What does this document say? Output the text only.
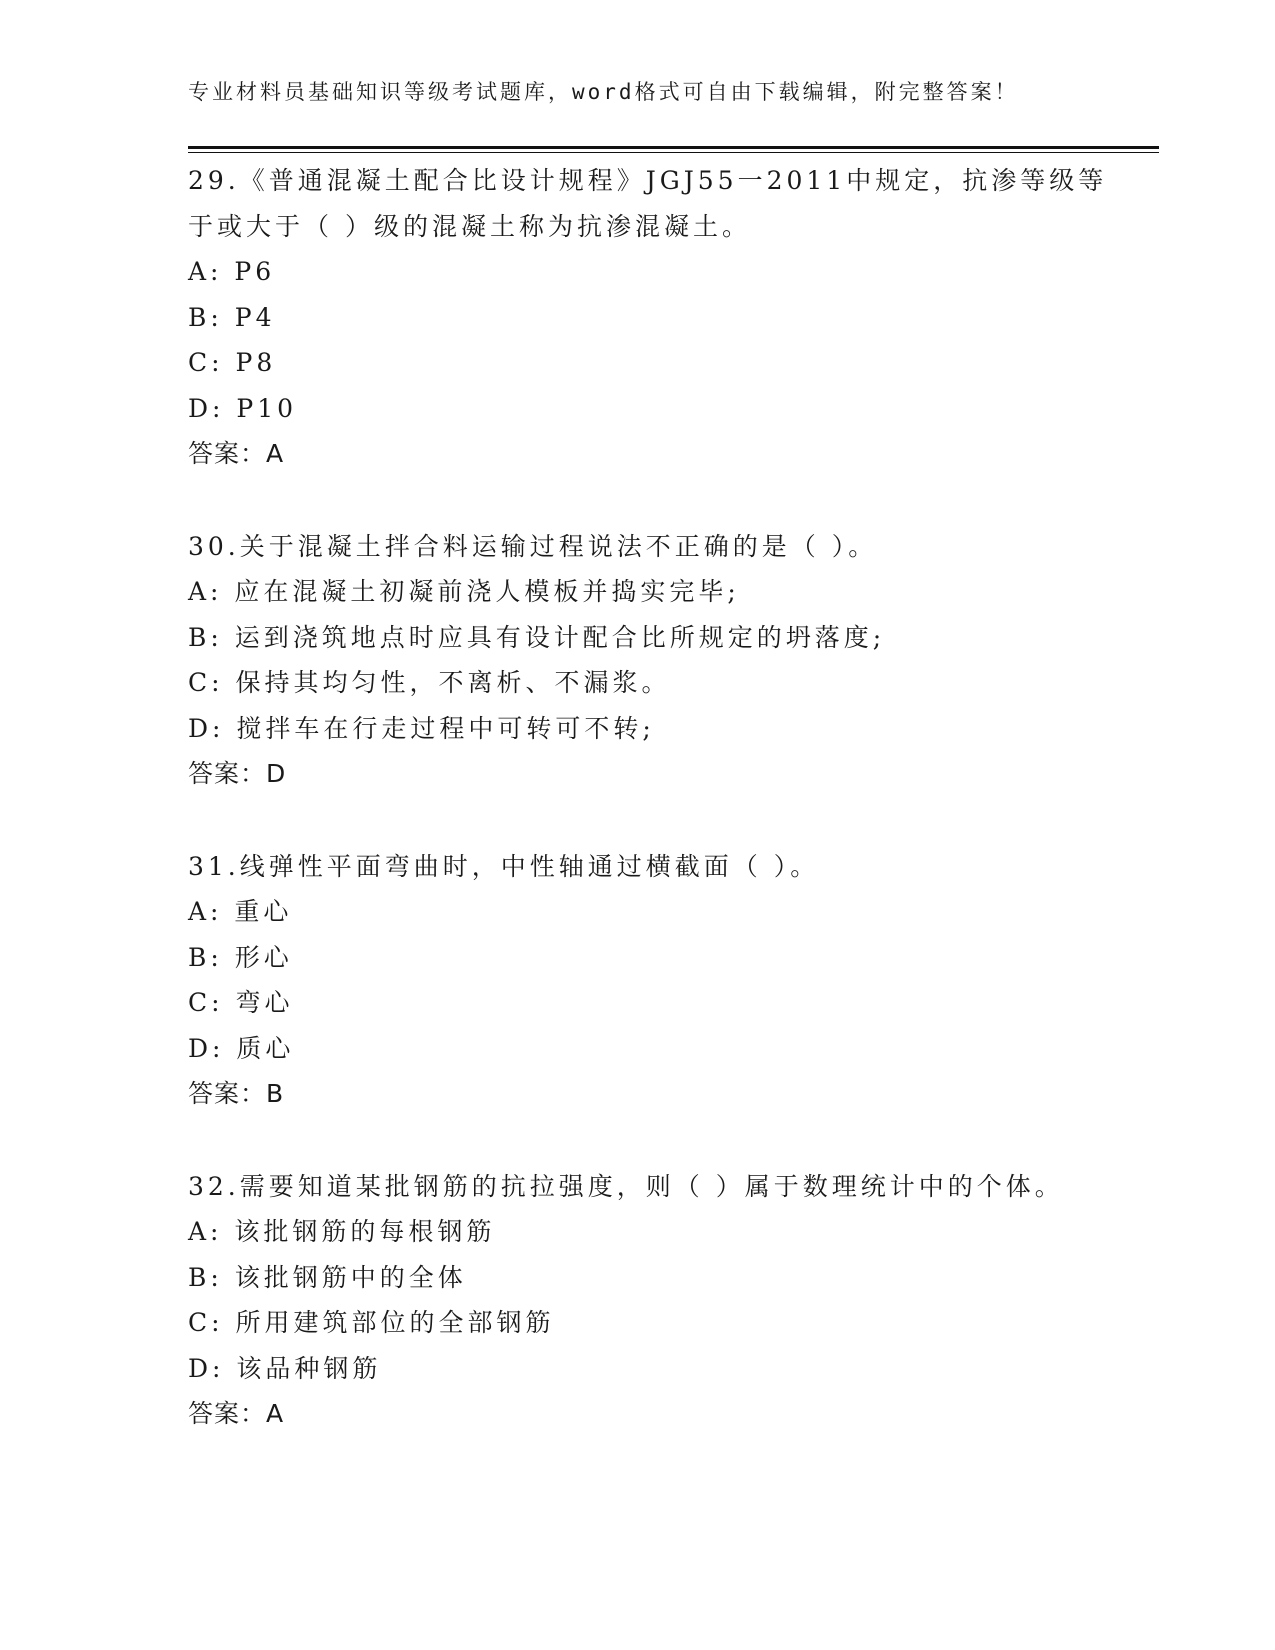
专业材料员基础知识等级考试题库，word格式可自由下载编辑，附完整答案！
29.《普通混凝土配合比设计规程》JGJ55一2011中规定，抗渗等级等
于或大于（ ）级的混凝土称为抗渗混凝土。
A: P6
B: P4
C: P8
D: P10
答案：A
30.关于混凝土拌合料运输过程说法不正确的是（ ）。
A: 应在混凝土初凝前浇人模板并捣实完毕;
B: 运到浇筑地点时应具有设计配合比所规定的坍落度;
C: 保持其均匀性，不离析、不漏浆。
D: 搅拌车在行走过程中可转可不转;
答案：D
31.线弹性平面弯曲时，中性轴通过横截面（ ）。
A: 重心
B: 形心
C: 弯心
D: 质心
答案：B
32.需要知道某批钢筋的抗拉强度，则（ ）属于数理统计中的个体。
A: 该批钢筋的每根钢筋
B: 该批钢筋中的全体
C: 所用建筑部位的全部钢筋
D: 该品种钢筋
答案：A
